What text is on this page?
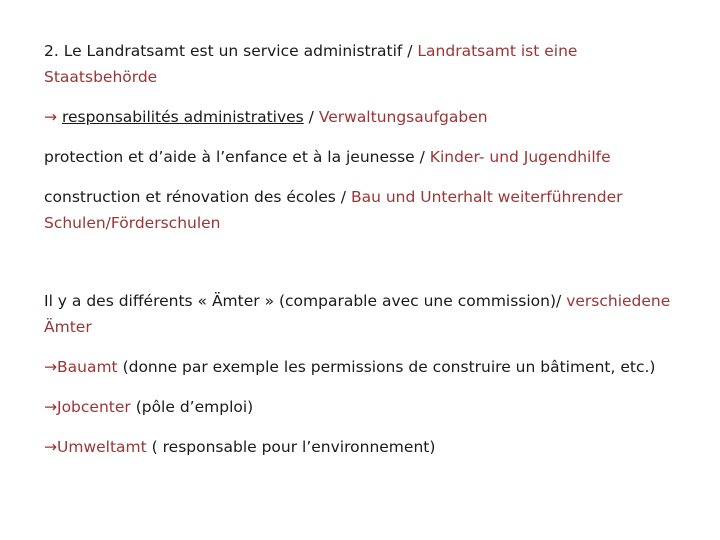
2. Le Landratsamt est un service administratif / Landratsamt ist eine Staatsbehörde

→ responsabilités administratives / Verwaltungsaufgaben

protection et d’aide à l’enfance et à la jeunesse / Kinder- und Jugendhilfe

construction et rénovation des écoles / Bau und Unterhalt weiterführender Schulen/Förderschulen

Il y a des différents « Ämter » (comparable avec une commission)/ verschiedene Ämter

→Bauamt (donne par exemple les permissions de construire un bâtiment, etc.)

→Jobcenter (pôle d’emploi)

→Umweltamt ( responsable pour l’environnement)
